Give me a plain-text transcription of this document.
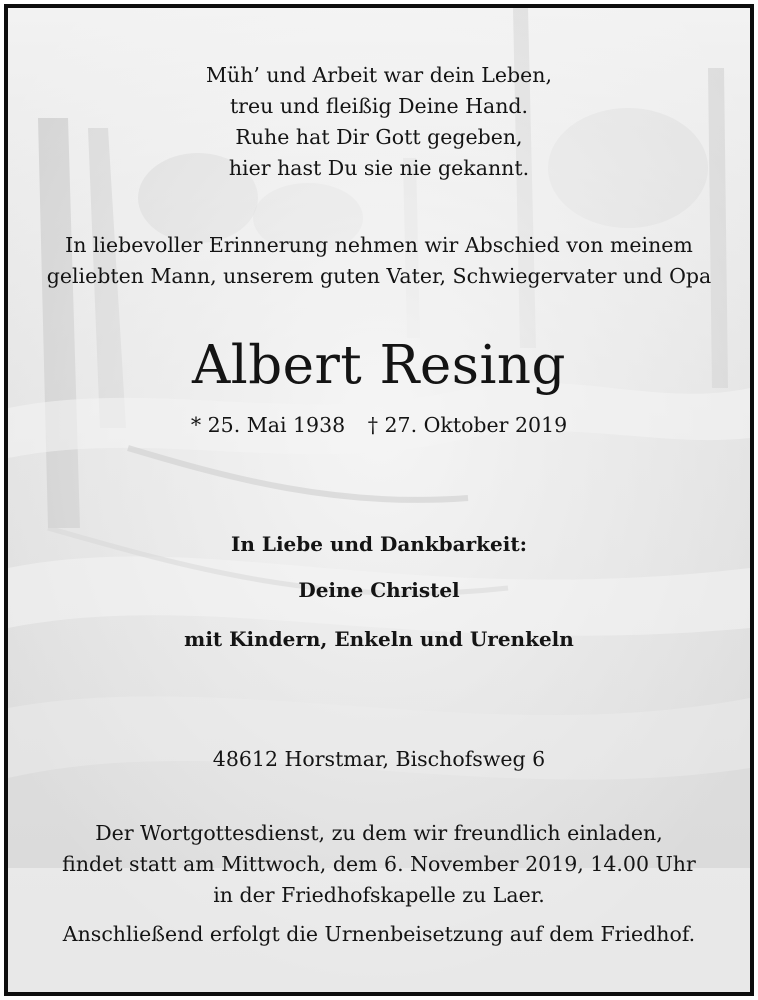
Müh’ und Arbeit war dein Leben,
treu und fleißig Deine Hand.
Ruhe hat Dir Gott gegeben,
hier hast Du sie nie gekannt.
In liebevoller Erinnerung nehmen wir Abschied von meinem
geliebten Mann, unserem guten Vater, Schwiegervater und Opa
Albert Resing
* 25. Mai 1938 † 27. Oktober 2019
In Liebe und Dankbarkeit:
Deine Christel
mit Kindern, Enkeln und Urenkeln
48612 Horstmar, Bischofsweg 6
Der Wortgottesdienst, zu dem wir freundlich einladen,
findet statt am Mittwoch, dem 6. November 2019, 14.00 Uhr
in der Friedhofskapelle zu Laer.
Anschließend erfolgt die Urnenbeisetzung auf dem Friedhof.
